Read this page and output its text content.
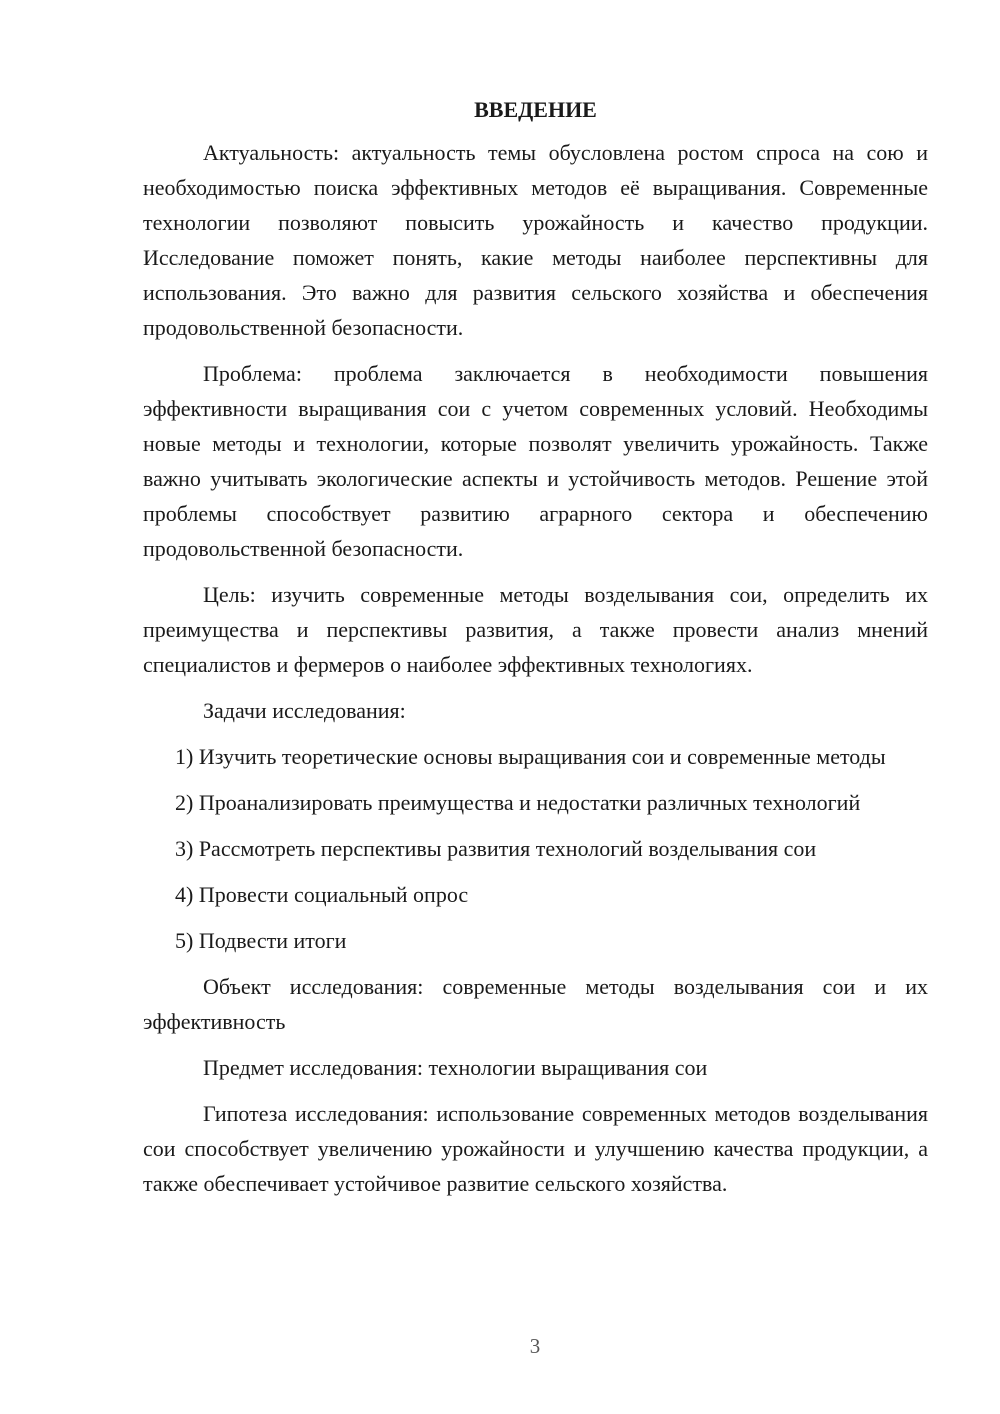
ВВЕДЕНИЕ

Актуальность: актуальность темы обусловлена ростом спроса на сою и необходимостью поиска эффективных методов её выращивания. Современные технологии позволяют повысить урожайность и качество продукции. Исследование поможет понять, какие методы наиболее перспективны для использования. Это важно для развития сельского хозяйства и обеспечения продовольственной безопасности.

Проблема: проблема заключается в необходимости повышения эффективности выращивания сои с учетом современных условий. Необходимы новые методы и технологии, которые позволят увеличить урожайность. Также важно учитывать экологические аспекты и устойчивость методов. Решение этой проблемы способствует развитию аграрного сектора и обеспечению продовольственной безопасности.

Цель: изучить современные методы возделывания сои, определить их преимущества и перспективы развития, а также провести анализ мнений специалистов и фермеров о наиболее эффективных технологиях.

Задачи исследования:

1) Изучить теоретические основы выращивания сои и современные методы

2) Проанализировать преимущества и недостатки различных технологий

3) Рассмотреть перспективы развития технологий возделывания сои

4) Провести социальный опрос

5) Подвести итоги

Объект исследования: современные методы возделывания сои и их эффективность

Предмет исследования: технологии выращивания сои

Гипотеза исследования: использование современных методов возделывания сои способствует увеличению урожайности и улучшению качества продукции, а также обеспечивает устойчивое развитие сельского хозяйства.

3
